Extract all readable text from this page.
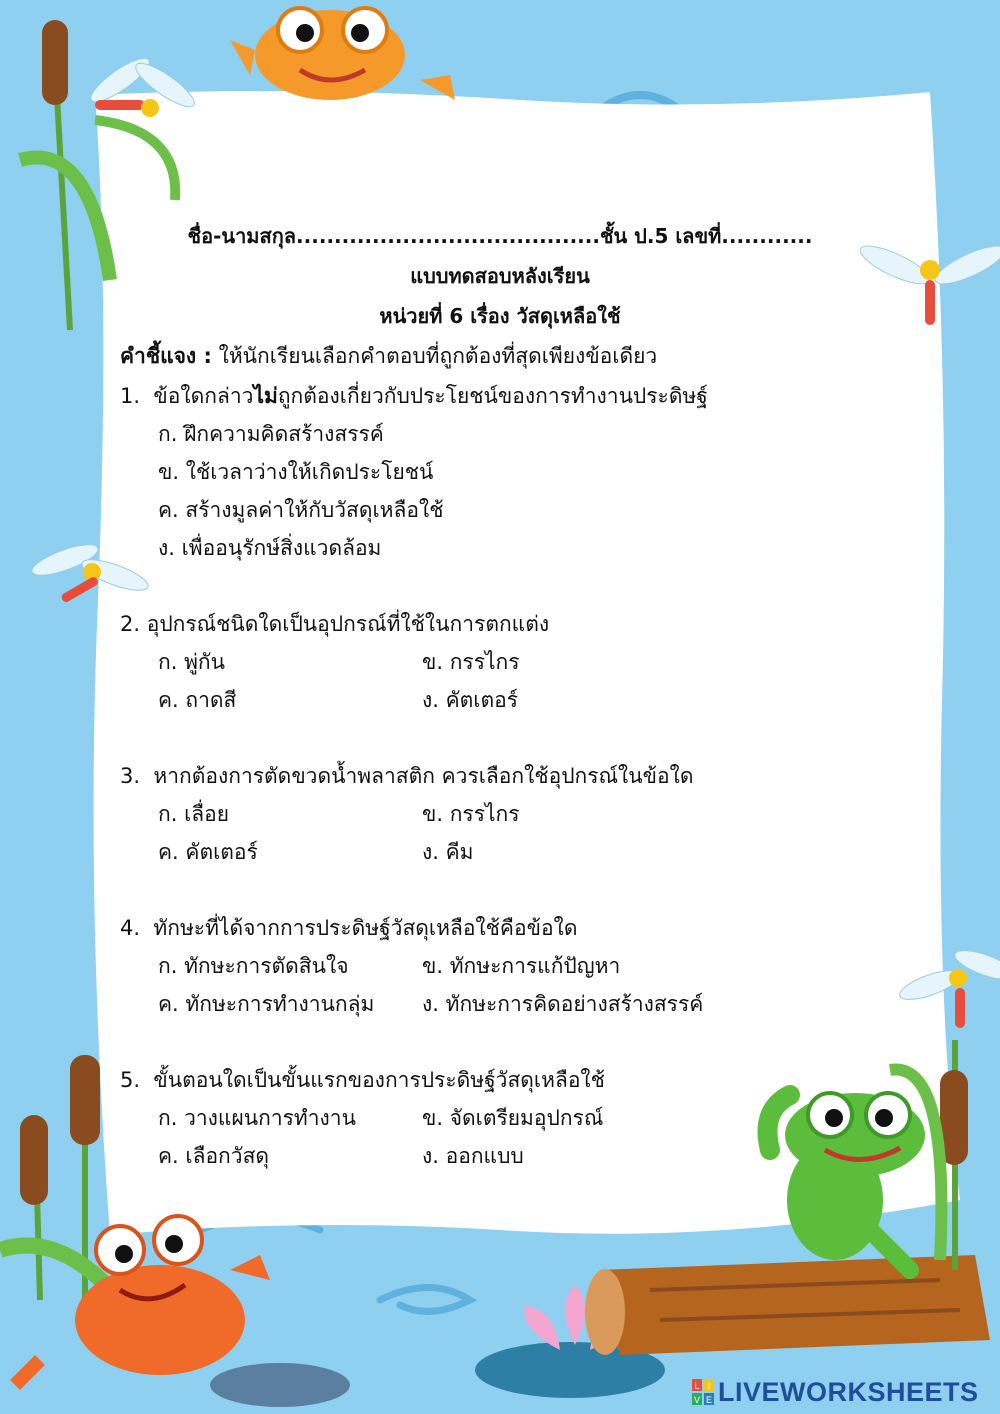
ชื่อ-นามสกุล........................................ชั้น ป.5 เลขที่............
แบบทดสอบหลังเรียน
หน่วยที่ 6 เรื่อง วัสดุเหลือใช้
คำชี้แจง : ให้นักเรียนเลือกคำตอบที่ถูกต้องที่สุดเพียงข้อเดียว
1. ข้อใดกล่าวไม่ถูกต้องเกี่ยวกับประโยชน์ของการทำงานประดิษฐ์
ก. ฝึกความคิดสร้างสรรค์
ข. ใช้เวลาว่างให้เกิดประโยชน์
ค. สร้างมูลค่าให้กับวัสดุเหลือใช้
ง. เพื่ออนุรักษ์สิ่งแวดล้อม
2. อุปกรณ์ชนิดใดเป็นอุปกรณ์ที่ใช้ในการตกแต่ง
ก. พู่กัน	ข. กรรไกร
ค. ถาดสี	ง. คัตเตอร์
3. หากต้องการตัดขวดน้ำพลาสติก ควรเลือกใช้อุปกรณ์ในข้อใด
ก. เลื่อย	ข. กรรไกร
ค. คัตเตอร์	ง. คีม
4. ทักษะที่ได้จากการประดิษฐ์วัสดุเหลือใช้คือข้อใด
ก. ทักษะการตัดสินใจ	ข. ทักษะการแก้ปัญหา
ค. ทักษะการทำงานกลุ่ม ง. ทักษะการคิดอย่างสร้างสรรค์
5. ขั้นตอนใดเป็นขั้นแรกของการประดิษฐ์วัสดุเหลือใช้
ก. วางแผนการทำงาน	ข. จัดเตรียมอุปกรณ์
ค. เลือกวัสดุ	ง. ออกแบบ
L I
V E LIVEWORKSHEETS
